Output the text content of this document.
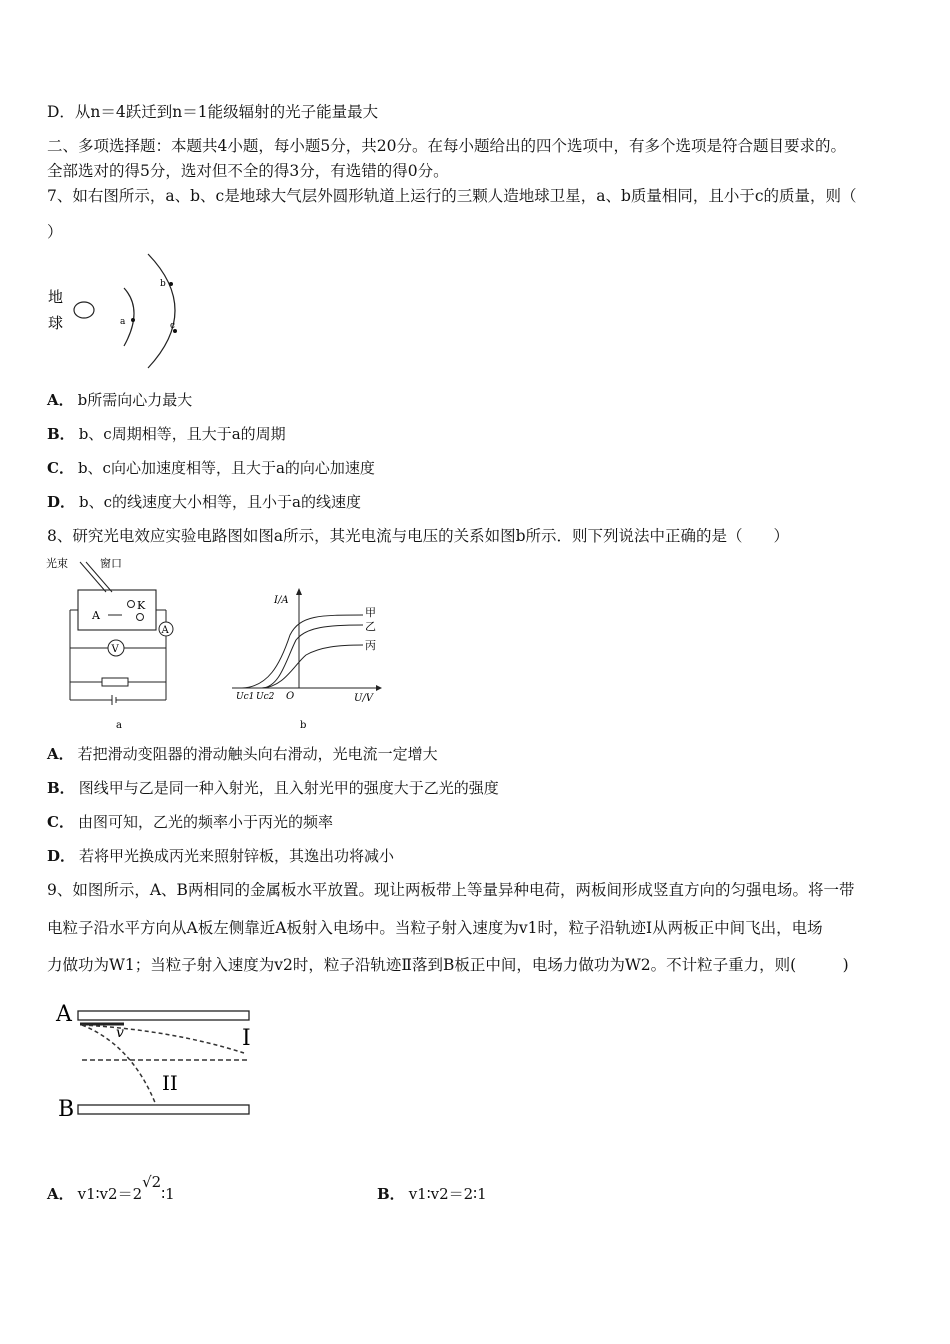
D．从n＝4跃迁到n＝1能级辐射的光子能量最大
二、多项选择题：本题共4小题，每小题5分，共20分。在每小题给出的四个选项中，有多个选项是符合题目要求的。
全部选对的得5分，选对但不全的得3分，有选错的得0分。
7、如右图所示，a、b、c是地球大气层外圆形轨道上运行的三颗人造地球卫星，a、b质量相同，且小于c的质量，则（
）
地
球	a
b
c
A． b所需向心力最大
B． b、c周期相等，且大于a的周期
C． b、c向心加速度相等，且大于a的向心加速度
D． b、c的线速度大小相等，且小于a的线速度
8、研究光电效应实验电路图如图a所示，其光电流与电压的关系如图b所示．则下列说法中正确的是（　　）
光束	窗口
K
A
A
V
a
I/A
U/V
O
Uc1 Uc2
甲
乙
丙
b
A． 若把滑动变阻器的滑动触头向右滑动，光电流一定增大
B． 图线甲与乙是同一种入射光，且入射光甲的强度大于乙光的强度
C． 由图可知，乙光的频率小于丙光的频率
D． 若将甲光换成丙光来照射锌板，其逸出功将减小
9、如图所示，A、B两相同的金属板水平放置。现让两板带上等量异种电荷，两板间形成竖直方向的匀强电场。将一带
电粒子沿水平方向从A板左侧靠近A板射入电场中。当粒子射入速度为v1时，粒子沿轨迹Ⅰ从两板正中间飞出，电场
力做功为W1；当粒子射入速度为v2时，粒子沿轨迹Ⅱ落到B板正中间，电场力做功为W2。不计粒子重力，则(　　　)
A
v	I
II
B
A． v1∶v2＝2√2∶1	B． v1∶v2＝2∶1
